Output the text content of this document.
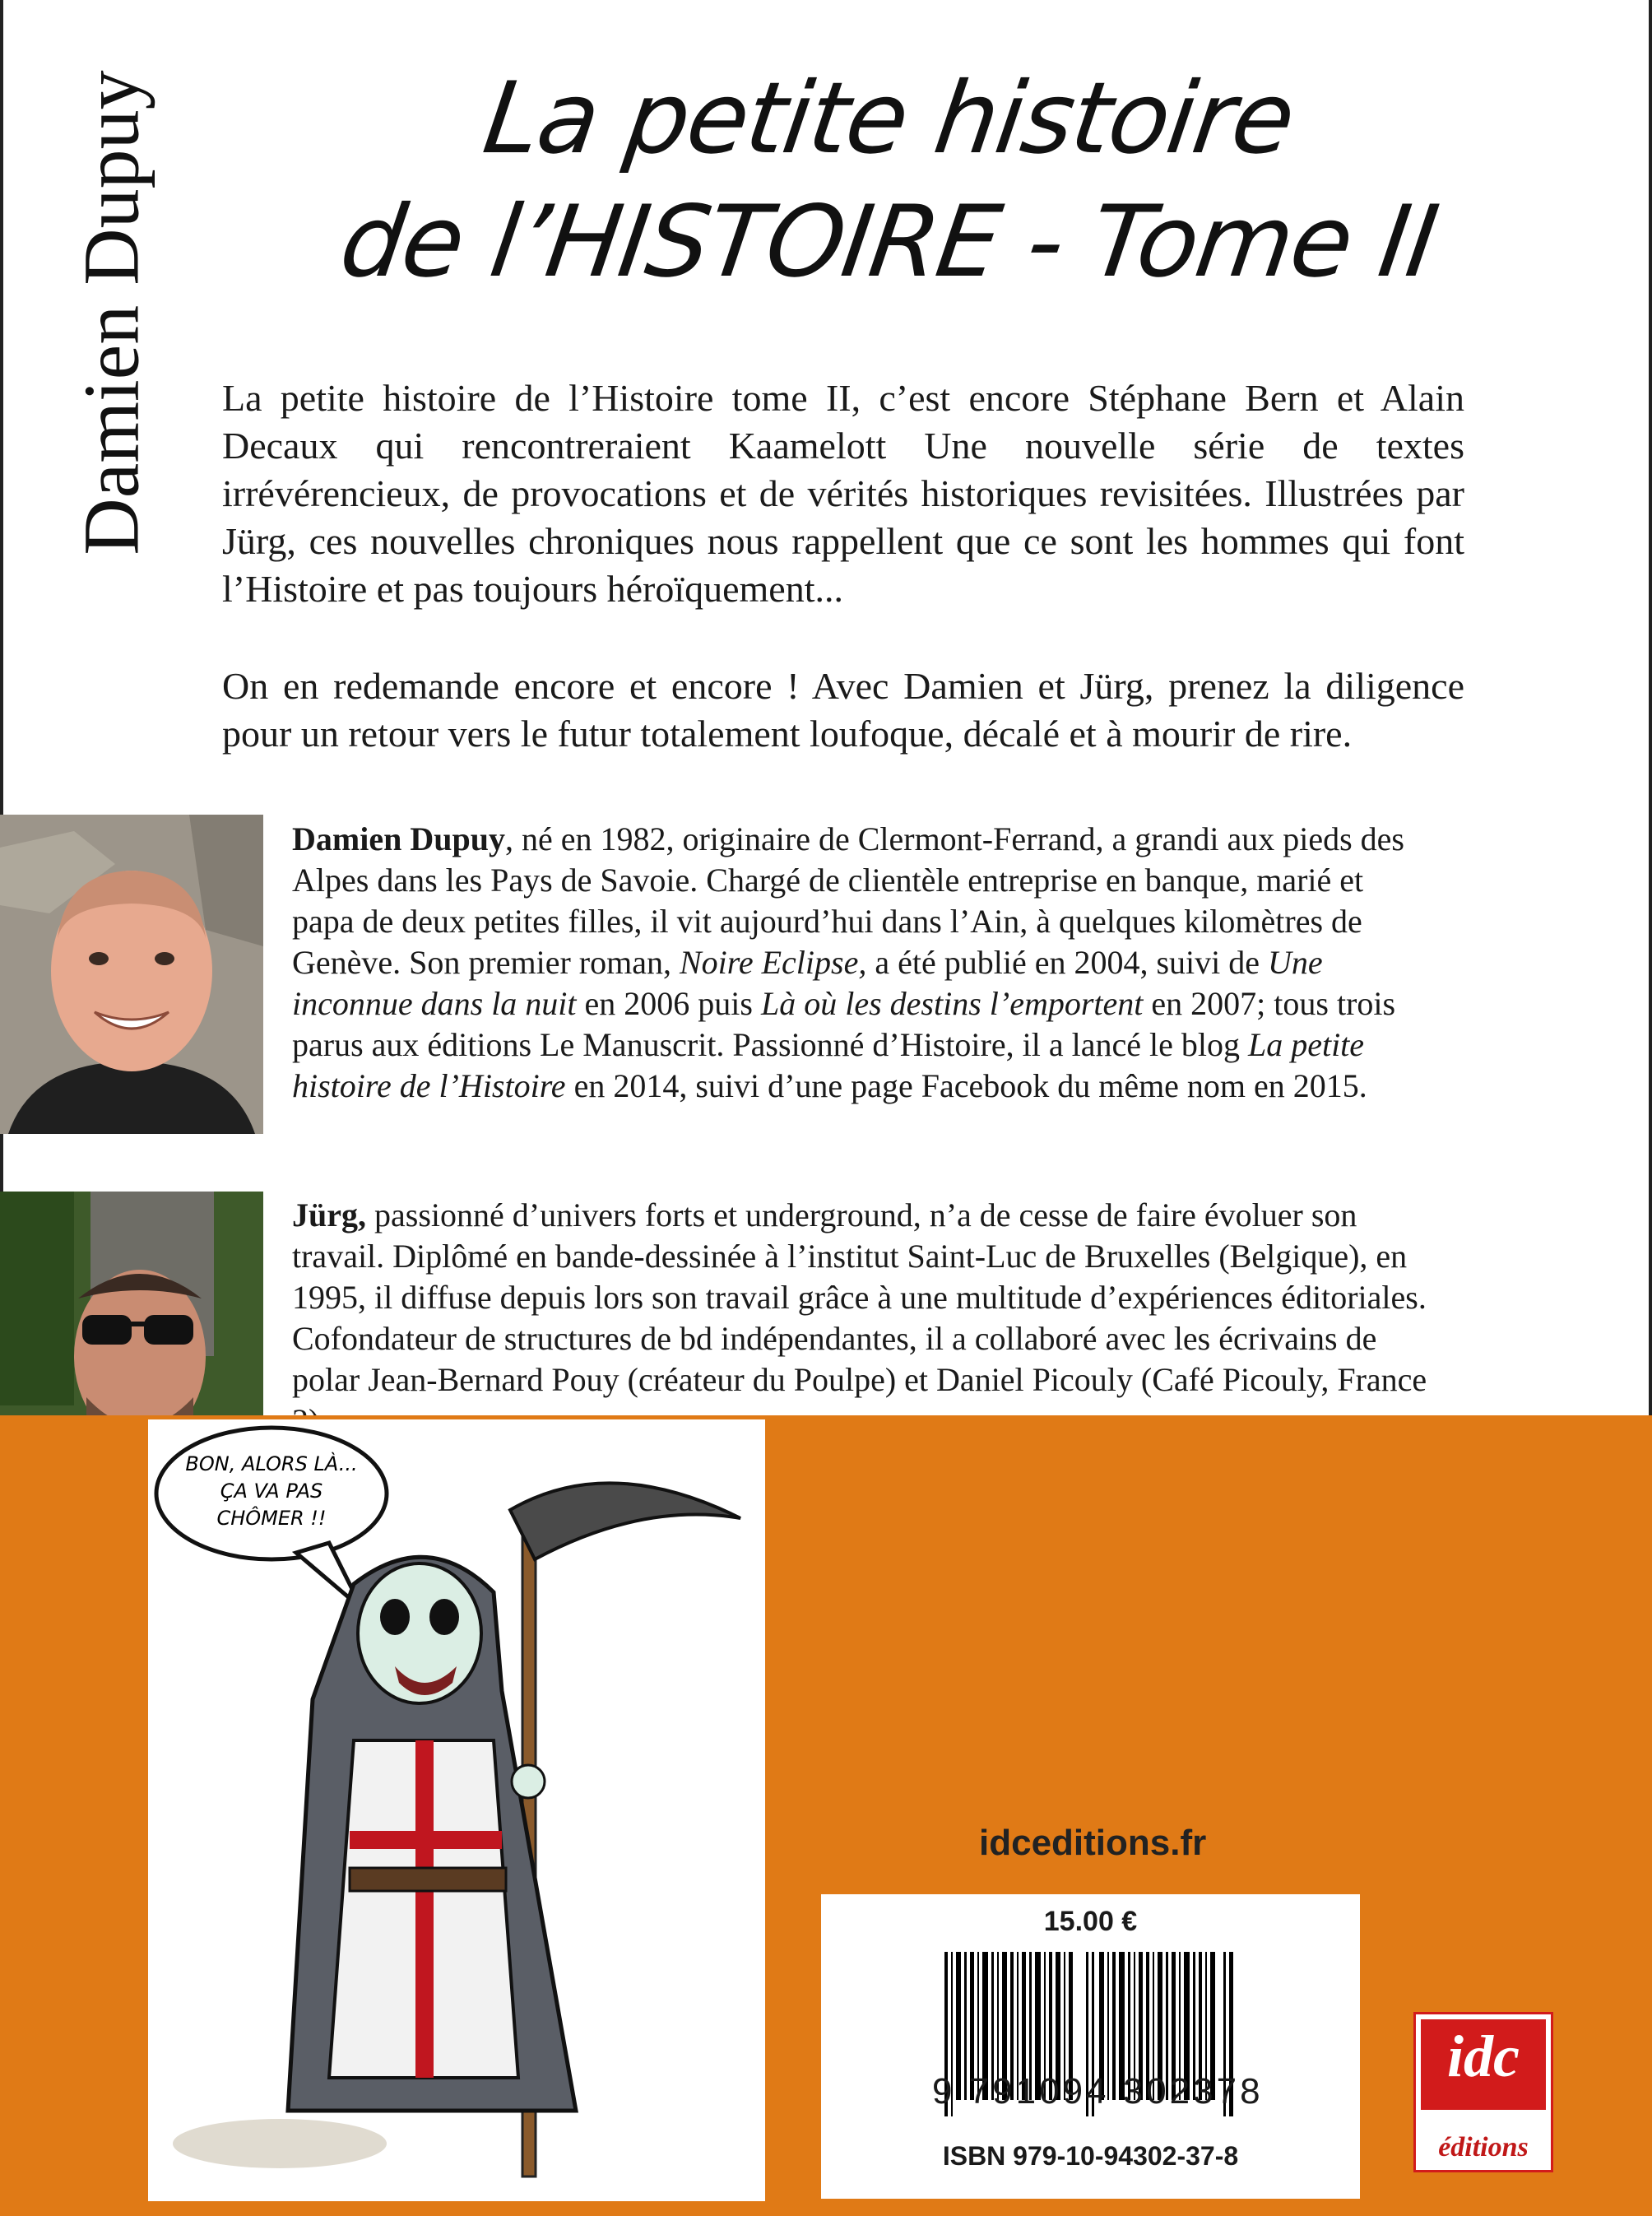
Damien Dupuy	La petite histoire
de l’HISTOIRE - Tome II

La petite histoire de l’Histoire tome II, c’est encore Stéphane Bern et Alain Decaux qui rencontreraient Kaamelott Une nouvelle série de textes irrévérencieux, de provocations et de vérités historiques revisitées. Illustrées par Jürg, ces nouvelles chroniques nous rappellent que ce sont les hommes qui font l’Histoire et pas toujours héroïquement...

On en redemande encore et encore ! Avec Damien et Jürg, prenez la diligence pour un retour vers le futur totalement loufoque, décalé et à mourir de rire.

Damien Dupuy, né en 1982, originaire de Clermont-Ferrand, a grandi aux pieds des Alpes dans les Pays de Savoie. Chargé de clientèle entreprise en banque, marié et papa de deux petites filles, il vit aujourd’hui dans l’Ain, à quelques kilomètres de Genève. Son premier roman, Noire Eclipse, a été publié en 2004, suivi de Une inconnue dans la nuit en 2006 puis Là où les destins l’emportent en 2007; tous trois parus aux éditions Le Manuscrit. Passionné d’Histoire, il a lancé le blog La petite histoire de l’Histoire en 2014, suivi d’une page Facebook du même nom en 2015.
Jürg, passionné d’univers forts et underground, n’a de cesse de faire évoluer son travail. Diplômé en bande-dessinée à l’institut Saint-Luc de Bruxelles (Belgique), en 1995, il diffuse depuis lors son travail grâce à une multitude d’expériences éditoriales. Cofondateur de structures de bd indépendantes, il a collaboré avec les écrivains de polar Jean-Bernard Pouy (créateur du Poulpe) et Daniel Picouly (Café Picouly, France
BON, ALORS LÀ...
ÇA VA PAS
CHÔMER !!
idceditions.fr
15.00 €
9 791094 302378
ISBN 979-10-94302-37-8
idc
éditions
